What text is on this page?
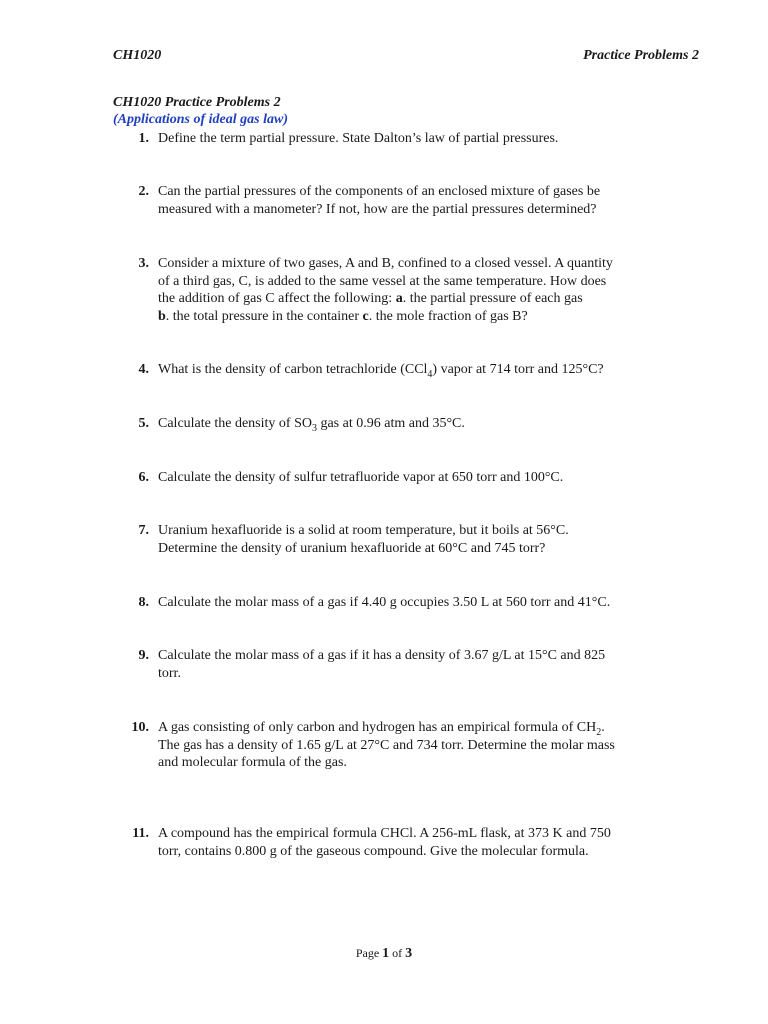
CH1020	Practice Problems 2
CH1020 Practice Problems 2
(Applications of ideal gas law)
1. Define the term partial pressure. State Dalton’s law of partial pressures.
2. Can the partial pressures of the components of an enclosed mixture of gases be
measured with a manometer? If not, how are the partial pressures determined?
3. Consider a mixture of two gases, A and B, confined to a closed vessel. A quantity
of a third gas, C, is added to the same vessel at the same temperature. How does
the addition of gas C affect the following: a. the partial pressure of each gas
b. the total pressure in the container c. the mole fraction of gas B?
4. What is the density of carbon tetrachloride (CCl$_4$) vapor at 714 torr and 125°C?
5. Calculate the density of $SO_3$ gas at 0.96 atm and 35°C.
6. Calculate the density of sulfur tetrafluoride vapor at 650 torr and 100°C.
7. Uranium hexafluoride is a solid at room temperature, but it boils at 56°C.
Determine the density of uranium hexafluoride at 60°C and 745 torr?
8. Calculate the molar mass of a gas if 4.40 g occupies 3.50 L at 560 torr and 41°C.
9. Calculate the molar mass of a gas if it has a density of 3.67 g/L at 15°C and 825
torr.
10. A gas consisting of only carbon and hydrogen has an empirical formula of $CH_2$.
The gas has a density of 1.65 g/L at 27°C and 734 torr. Determine the molar mass
and molecular formula of the gas.
11. A compound has the empirical formula CHCl. A 256-mL flask, at 373 K and 750
torr, contains 0.800 g of the gaseous compound. Give the molecular formula.
Page 1 of 3
